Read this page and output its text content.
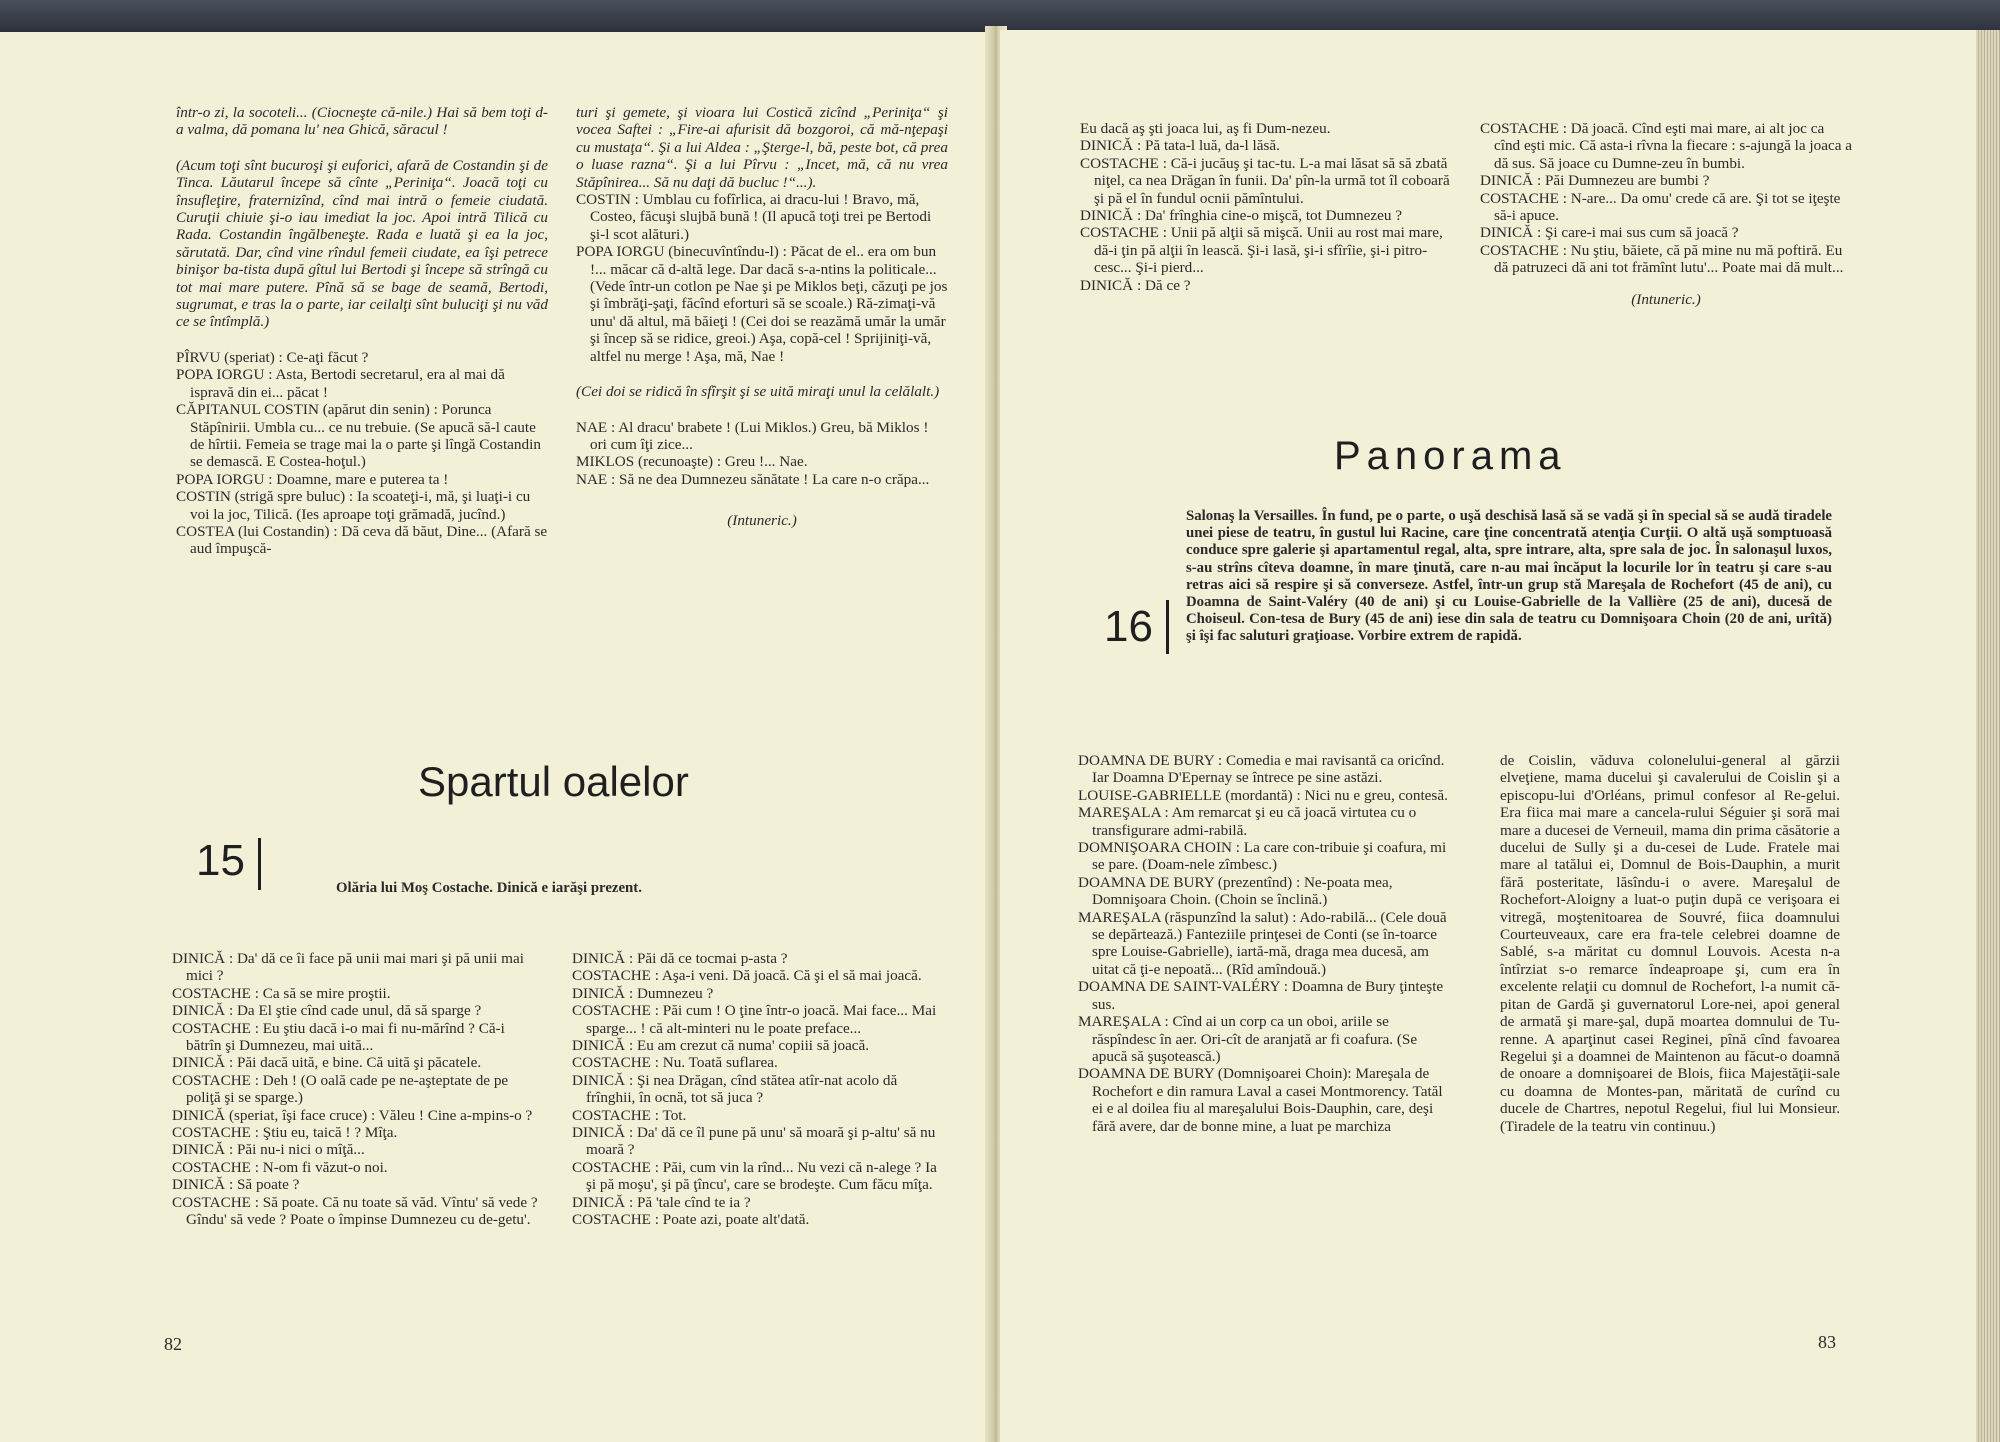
într-o zi, la socoteli... (Ciocneşte că-nile.) Hai să bem toţi d-a valma, dă pomana lu' nea Ghică, săracul !

(Acum toţi sînt bucuroşi şi euforici, afară de Costandin şi de Tinca. Lăutarul începe să cînte „Periniţa“. Joacă toţi cu însufleţire, fraternizînd, cînd mai intră o femeie ciudată. Curuţii chiuie şi-o iau imediat la joc. Apoi intră Tilică cu Rada. Costandin îngălbeneşte. Rada e luată şi ea la joc, sărutată. Dar, cînd vine rîndul femeii ciudate, ea îşi petrece binişor ba-tista după gîtul lui Bertodi şi începe să strîngă cu tot mai mare putere. Pînă să se bage de seamă, Bertodi, sugrumat, e tras la o parte, iar ceilalţi sînt buluciţi şi nu văd ce se întîmplă.)

PÎRVU (speriat) : Ce-aţi făcut ?

POPA IORGU : Asta, Bertodi secretarul, era al mai dă ispravă din ei... păcat !

CĂPITANUL COSTIN (apărut din senin) : Porunca Stăpînirii. Umbla cu... ce nu trebuie. (Se apucă să-l caute de hîrtii. Femeia se trage mai la o parte şi lîngă Costandin se demască. E Costea-hoţul.)

POPA IORGU : Doamne, mare e puterea ta !

COSTIN (strigă spre buluc) : Ia scoateţi-i, mă, şi luaţi-i cu voi la joc, Tilică. (Ies aproape toţi grămadă, jucînd.)

COSTEA (lui Costandin) : Dă ceva dă băut, Dine... (Afară se aud împuşcă-

turi şi gemete, şi vioara lui Costică zicînd „Periniţa“ şi vocea Saftei : „Fire-ai afurisit dă bozgoroi, că mă-nţepaşi cu mustaţa“. Şi a lui Aldea : „Şterge-l, bă, peste bot, că prea o luase razna“. Şi a lui Pîrvu : „Incet, mă, că nu vrea Stăpînirea... Să nu daţi dă bucluc !“...).

COSTIN : Umblau cu fofîrlica, ai dracu-lui ! Bravo, mă, Costeo, făcuşi slujbă bună ! (Il apucă toţi trei pe Bertodi şi-l scot alături.)

POPA IORGU (binecuvîntîndu-l) : Păcat de el.. era om bun !... măcar că d-altă lege. Dar dacă s-a-ntins la politicale... (Vede într-un cotlon pe Nae şi pe Miklos beţi, căzuţi pe jos şi îmbrăţi-şaţi, făcînd eforturi să se scoale.) Ră-zimaţi-vă unu' dă altul, mă băieţi ! (Cei doi se reazămă umăr la umăr şi încep să se ridice, greoi.) Aşa, copă-cel ! Sprijiniţi-vă, altfel nu merge ! Aşa, mă, Nae !

(Cei doi se ridică în sfîrşit şi se uită miraţi unul la celălalt.)

NAE : Al dracu' brabete ! (Lui Miklos.) Greu, bă Miklos ! ori cum îţi zice...

MIKLOS (recunoaşte) : Greu !... Nae.

NAE : Să ne dea Dumnezeu sănătate ! La care n-o crăpa...

(Intuneric.)

Spartul oalelor
15
Olăria lui Moş Costache. Dinică e iarăşi prezent.

DINICĂ : Da' dă ce îi face pă unii mai mari şi pă unii mai mici ?

COSTACHE : Ca să se mire proştii.

DINICĂ : Da El ştie cînd cade unul, dă să sparge ?

COSTACHE : Eu ştiu dacă i-o mai fi nu-mărînd ? Că-i bătrîn şi Dumnezeu, mai uită...

DINICĂ : Păi dacă uită, e bine. Că uită şi păcatele.

COSTACHE : Deh ! (O oală cade pe ne-aşteptate de pe poliţă şi se sparge.)

DINICĂ (speriat, îşi face cruce) : Văleu ! Cine a-mpins-o ?

COSTACHE : Ştiu eu, taică ! ? Mîţa.

DINICĂ : Păi nu-i nici o mîţă...

COSTACHE : N-om fi văzut-o noi.

DINICĂ : Să poate ?

COSTACHE : Să poate. Că nu toate să văd. Vîntu' să vede ? Gîndu' să vede ? Poate o împinse Dumnezeu cu de-getu'.

DINICĂ : Păi dă ce tocmai p-asta ?

COSTACHE : Aşa-i veni. Dă joacă. Că şi el să mai joacă.

DINICĂ : Dumnezeu ?

COSTACHE : Păi cum ! O ţine într-o joacă. Mai face... Mai sparge... ! că alt-minteri nu le poate preface...

DINICĂ : Eu am crezut că numa' copiii să joacă.

COSTACHE : Nu. Toată suflarea.

DINICĂ : Şi nea Drăgan, cînd stătea atîr-nat acolo dă frînghii, în ocnă, tot să juca ?

COSTACHE : Tot.

DINICĂ : Da' dă ce îl pune pă unu' să moară şi p-altu' să nu moară ?

COSTACHE : Păi, cum vin la rînd... Nu vezi că n-alege ? Ia şi pă moşu', şi pă ţîncu', care se brodeşte. Cum făcu mîţa.

DINICĂ : Pă 'tale cînd te ia ?

COSTACHE : Poate azi, poate alt'dată.

82

Eu dacă aş şti joaca lui, aş fi Dum-nezeu.

DINICĂ : Pă tata-l luă, da-l lăsă.

COSTACHE : Că-i jucăuş şi tac-tu. L-a mai lăsat să să zbată niţel, ca nea Drăgan în funii. Da' pîn-la urmă tot îl coboară şi pă el în fundul ocnii pămîntului.

DINICĂ : Da' frînghia cine-o mişcă, tot Dumnezeu ?

COSTACHE : Unii pă alţii să mişcă. Unii au rost mai mare, dă-i ţin pă alţii în lească. Şi-i lasă, şi-i sfîrîie, şi-i pitro-cesc... Şi-i pierd...

DINICĂ : Dă ce ?

COSTACHE : Dă joacă. Cînd eşti mai mare, ai alt joc ca cînd eşti mic. Că asta-i rîvna la fiecare : s-ajungă la joaca a dă sus. Să joace cu Dumne-zeu în bumbi.

DINICĂ : Păi Dumnezeu are bumbi ?

COSTACHE : N-are... Da omu' crede că are. Şi tot se iţeşte să-i apuce.

DINICĂ : Şi care-i mai sus cum să joacă ?

COSTACHE : Nu ştiu, băiete, că pă mine nu mă poftiră. Eu dă patruzeci dă ani tot frămînt lutu'... Poate mai dă mult...

(Intuneric.)

Panorama
16
Salonaş la Versailles. În fund, pe o parte, o uşă deschisă lasă să se vadă şi în special să se audă tiradele unei piese de teatru, în gustul lui Racine, care ţine concentrată atenţia Curţii. O altă uşă somptuoasă conduce spre galerie şi apartamentul regal, alta, spre intrare, alta, spre sala de joc. În salonaşul luxos, s-au strîns cîteva doamne, în mare ţinută, care n-au mai încăput la locurile lor în teatru şi care s-au retras aici să respire şi să converseze. Astfel, într-un grup stă Mareşala de Rochefort (45 de ani), cu Doamna de Saint-Valéry (40 de ani) şi cu Louise-Gabrielle de la Vallière (25 de ani), ducesă de Choiseul. Con-tesa de Bury (45 de ani) iese din sala de teatru cu Domnişoara Choin (20 de ani, urîtă) şi îşi fac saluturi graţioase. Vorbire extrem de rapidă.

DOAMNA DE BURY : Comedia e mai ravisantă ca oricînd. Iar Doamna D'Epernay se întrece pe sine astăzi.

LOUISE-GABRIELLE (mordantă) : Nici nu e greu, contesă.

MAREŞALA : Am remarcat şi eu că joacă virtutea cu o transfigurare admi-rabilă.

DOMNIŞOARA CHOIN : La care con-tribuie şi coafura, mi se pare. (Doam-nele zîmbesc.)

DOAMNA DE BURY (prezentînd) : Ne-poata mea, Domnişoara Choin. (Choin se înclină.)

MAREŞALA (răspunzînd la salut) : Ado-rabilă... (Cele două se depărtează.) Fanteziile prinţesei de Conti (se în-toarce spre Louise-Gabrielle), iartă-mă, draga mea ducesă, am uitat că ţi-e nepoată... (Rîd amîndouă.)

DOAMNA DE SAINT-VALÉRY : Doamna de Bury ţinteşte sus.

MAREŞALA : Cînd ai un corp ca un oboi, ariile se răspîndesc în aer. Ori-cît de aranjată ar fi coafura. (Se apucă să şuşotească.)

DOAMNA DE BURY (Domnişoarei Choin): Mareşala de Rochefort e din ramura Laval a casei Montmorency. Tatăl ei e al doilea fiu al mareşalului Bois-Dauphin, care, deşi fără avere, dar de bonne mine, a luat pe marchiza

de Coislin, văduva colonelului-general al gărzii elveţiene, mama ducelui şi cavalerului de Coislin şi a episcopu-lui d'Orléans, primul confesor al Re-gelui. Era fiica mai mare a cancela-rului Séguier şi soră mai mare a ducesei de Verneuil, mama din prima căsătorie a ducelui de Sully şi a du-cesei de Lude. Fratele mai mare al tatălui ei, Domnul de Bois-Dauphin, a murit fără posteritate, lăsîndu-i o avere. Mareşalul de Rochefort-Aloigny a luat-o puţin după ce verişoara ei vitregă, moştenitoarea de Souvré, fiica doamnului Courteuveaux, care era fra-tele celebrei doamne de Sablé, s-a măritat cu domnul Louvois. Acesta n-a întîrziat s-o remarce îndeaproape şi, cum era în excelente relaţii cu domnul de Rochefort, l-a numit că-pitan de Gardă şi guvernatorul Lore-nei, apoi general de armată şi mare-şal, după moartea domnului de Tu-renne. A aparţinut casei Reginei, pînă cînd favoarea Regelui şi a doamnei de Maintenon au făcut-o doamnă de onoare a domnişoarei de Blois, fiica Majestăţii-sale cu doamna de Montes-pan, măritată de curînd cu ducele de Chartres, nepotul Regelui, fiul lui Monsieur. (Tiradele de la teatru vin continuu.)

83
